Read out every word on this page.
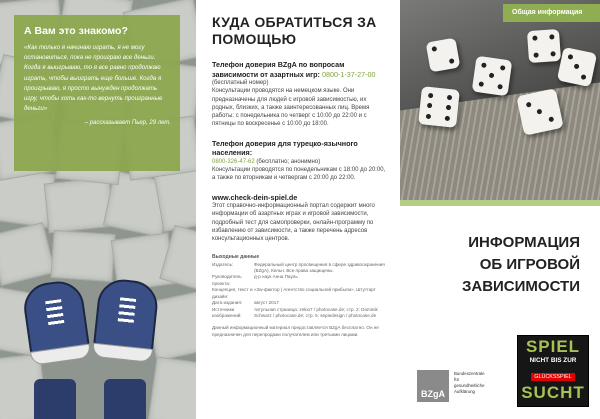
А Вам это знакомо?

«Как только я начинаю играть, я не могу остановиться, пока не проиграю все деньги. Когда я выигрываю, то я все равно продолжаю играть, чтобы выиграть еще больше. Когда я проигрываю, я просто вынужден продолжать игру, чтобы хоть как-то вернуть проигранные деньги»

– рассказывает Пьер, 29 лет.
КУДА ОБРАТИТЬСЯ ЗА ПОМОЩЬЮ
Телефон доверия BZgA по вопросам зависимости от азартных игр: 0800-1-37-27-00

(бесплатный номер)

Консультации проводятся на немецком языке. Они предназначены для людей с игровой зависимостью, их родных, близких, а также заинтересованных лиц. Время работы: с понедельника по четверг с 10:00 до 22:00 и с пятницы по воскресенье с 10:00 до 18:00.

Телефон доверия для турецко-язычного населения:

0800-326-47-62 (бесплатно; анонимно)

Консультации проводятся по понедельникам с 18:00 до 20:00, а также по вторникам и четвергам с 20:00 до 22:00.

www.check-dein-spiel.de

Этот справочно-информационный портал содержит много информации об азартных играх и игровой зависимости, подробный тест для самопроверки, онлайн-программу по избавлению от зависимости, а также перечень адресов консультационных центров.

Выходные данные
Издатель:	Федеральный центр просвещения в сфере здравоохранения (BZgA), Кельн. Все права защищены.
Руководитель проекта:
д-р наук Анна Пауль
Концепция, текст и дизайн:
«3w-фактор | Агентство социальной прибыли», Штутгарт
Дата издания:	август 2017
Источники изображений:
титульная страница: zekio7 / photocase.de; стр. 2: Dominik Schwarz / photocase.de; стр. 5: sepiedesign / photocase.de
Данный информационный материал предоставляется BZgA бесплатно. Он не предназначен для перепродажи получателем или третьими лицами.
Общая информация
ИНФОРМАЦИЯ
ОБ ИГРОВОЙ
ЗАВИСИМОСТИ
BZgA
Bundeszentrale
für
gesundheitliche
Aufklärung
SPIEL
NICHT BIS ZUR
GLÜCKSSPIEL
SUCHT
